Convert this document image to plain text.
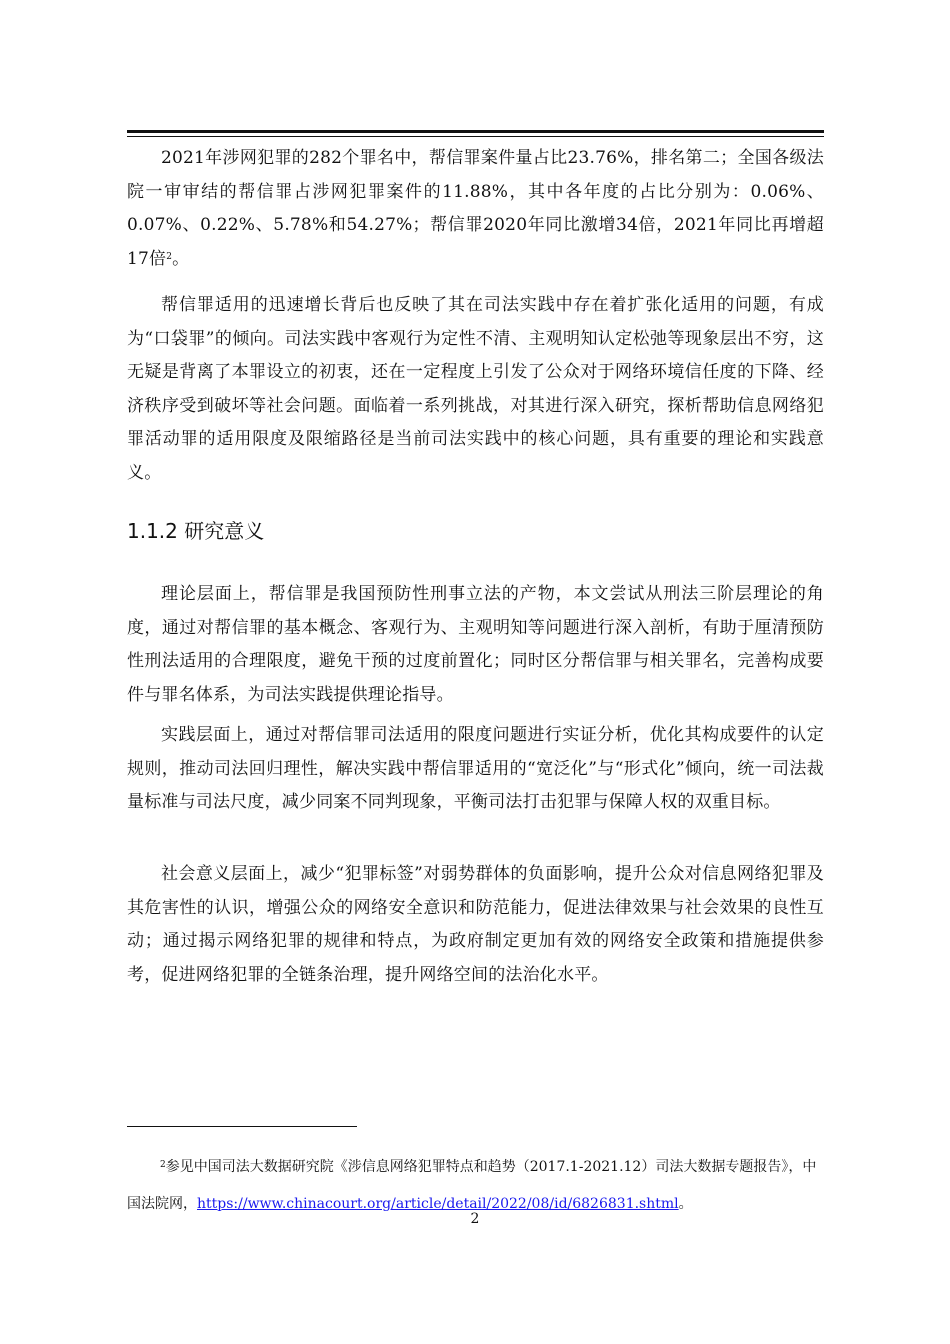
2021年涉网犯罪的282个罪名中，帮信罪案件量占比23.76%，排名第二；全国各级法院一审审结的帮信罪占涉网犯罪案件的11.88%，其中各年度的占比分别为：0.06%、0.07%、0.22%、5.78%和54.27%；帮信罪2020年同比激增34倍，2021年同比再增超17倍$^2$。

帮信罪适用的迅速增长背后也反映了其在司法实践中存在着扩张化适用的问题，有成为“口袋罪”的倾向。司法实践中客观行为定性不清、主观明知认定松弛等现象层出不穷，这无疑是背离了本罪设立的初衷，还在一定程度上引发了公众对于网络环境信任度的下降、经济秩序受到破坏等社会问题。面临着一系列挑战，对其进行深入研究，探析帮助信息网络犯罪活动罪的适用限度及限缩路径是当前司法实践中的核心问题，具有重要的理论和实践意义。

1.1.2 研究意义

理论层面上，帮信罪是我国预防性刑事立法的产物，本文尝试从刑法三阶层理论的角度，通过对帮信罪的基本概念、客观行为、主观明知等问题进行深入剖析，有助于厘清预防性刑法适用的合理限度，避免干预的过度前置化；同时区分帮信罪与相关罪名，完善构成要件与罪名体系，为司法实践提供理论指导。

实践层面上，通过对帮信罪司法适用的限度问题进行实证分析，优化其构成要件的认定规则，推动司法回归理性，解决实践中帮信罪适用的“宽泛化”与“形式化”倾向，统一司法裁量标准与司法尺度，减少同案不同判现象，平衡司法打击犯罪与保障人权的双重目标。

社会意义层面上，减少“犯罪标签”对弱势群体的负面影响，提升公众对信息网络犯罪及其危害性的认识，增强公众的网络安全意识和防范能力，促进法律效果与社会效果的良性互动；通过揭示网络犯罪的规律和特点，为政府制定更加有效的网络安全政策和措施提供参考，促进网络犯罪的全链条治理，提升网络空间的法治化水平。

$^2$参见中国司法大数据研究院《涉信息网络犯罪特点和趋势（2017.1-2021.12）司法大数据专题报告》，中国法院网，https://www.chinacourt.org/article/detail/2022/08/id/6826831.shtml。

2
